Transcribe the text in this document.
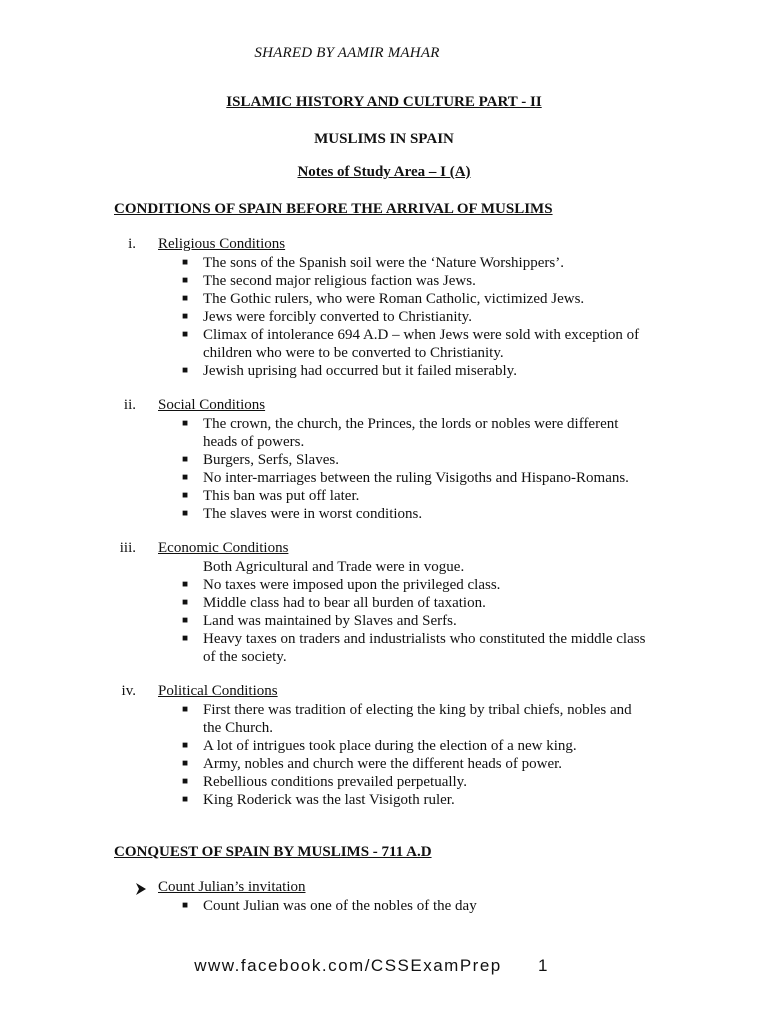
SHARED BY AAMIR MAHAR
ISLAMIC HISTORY AND CULTURE PART - II
MUSLIMS IN SPAIN
Notes of Study Area – I (A)
CONDITIONS OF SPAIN BEFORE THE ARRIVAL OF MUSLIMS
i. Religious Conditions
■ The sons of the Spanish soil were the ‘Nature Worshippers’.
■ The second major religious faction was Jews.
■ The Gothic rulers, who were Roman Catholic, victimized Jews.
■ Jews were forcibly converted to Christianity.
■ Climax of intolerance 694 A.D – when Jews were sold with exception of
children who were to be converted to Christianity.
■ Jewish uprising had occurred but it failed miserably.
ii. Social Conditions
■ The crown, the church, the Princes, the lords or nobles were different
heads of powers.
■ Burgers, Serfs, Slaves.
■ No inter-marriages between the ruling Visigoths and Hispano-Romans.
■ This ban was put off later.
■ The slaves were in worst conditions.
iii. Economic Conditions
Both Agricultural and Trade were in vogue.
■ No taxes were imposed upon the privileged class.
■ Middle class had to bear all burden of taxation.
■ Land was maintained by Slaves and Serfs.
■ Heavy taxes on traders and industrialists who constituted the middle class
of the society.
iv. Political Conditions
■ First there was tradition of electing the king by tribal chiefs, nobles and
the Church.
■ A lot of intrigues took place during the election of a new king.
■ Army, nobles and church were the different heads of power.
■ Rebellious conditions prevailed perpetually.
■ King Roderick was the last Visigoth ruler.
CONQUEST OF SPAIN BY MUSLIMS - 711 A.D
Count Julian’s invitation
■ Count Julian was one of the nobles of the day
www.facebook.com/CSSExamPrep	1
